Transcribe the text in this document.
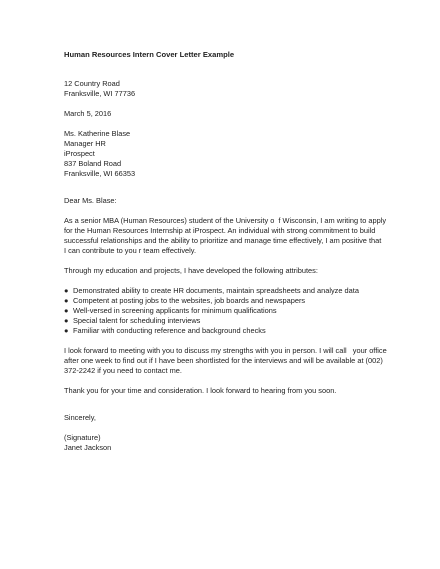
Human Resources Intern Cover Letter Example
12 Country Road
Franksville, WI 77736
March 5, 2016
Ms. Katherine Blase
Manager HR
iProspect
837 Boland Road
Franksville, WI 66353
Dear Ms. Blase:
As a senior MBA (Human Resources) student of the University o  f Wisconsin, I am writing to apply
for the Human Resources Internship at iProspect. An individual with strong commitment to build
successful relationships and the ability to prioritize and manage time effectively, I am positive that
I can contribute to you r team effectively.
Through my education and projects, I have developed the following attributes:
● Demonstrated ability to create HR documents, maintain spreadsheets and analyze data
● Competent at posting jobs to the websites, job boards and newspapers
● Well-versed in screening applicants for minimum qualifications
● Special talent for scheduling interviews
● Familiar with conducting reference and background checks
I look forward to meeting with you to discuss my strengths with you in person. I will call   your office
after one week to find out if I have been shortlisted for the interviews and will be available at (002)
372-2242 if you need to contact me.
Thank you for your time and consideration. I look forward to hearing from you soon.
Sincerely,
(Signature)
Janet Jackson
